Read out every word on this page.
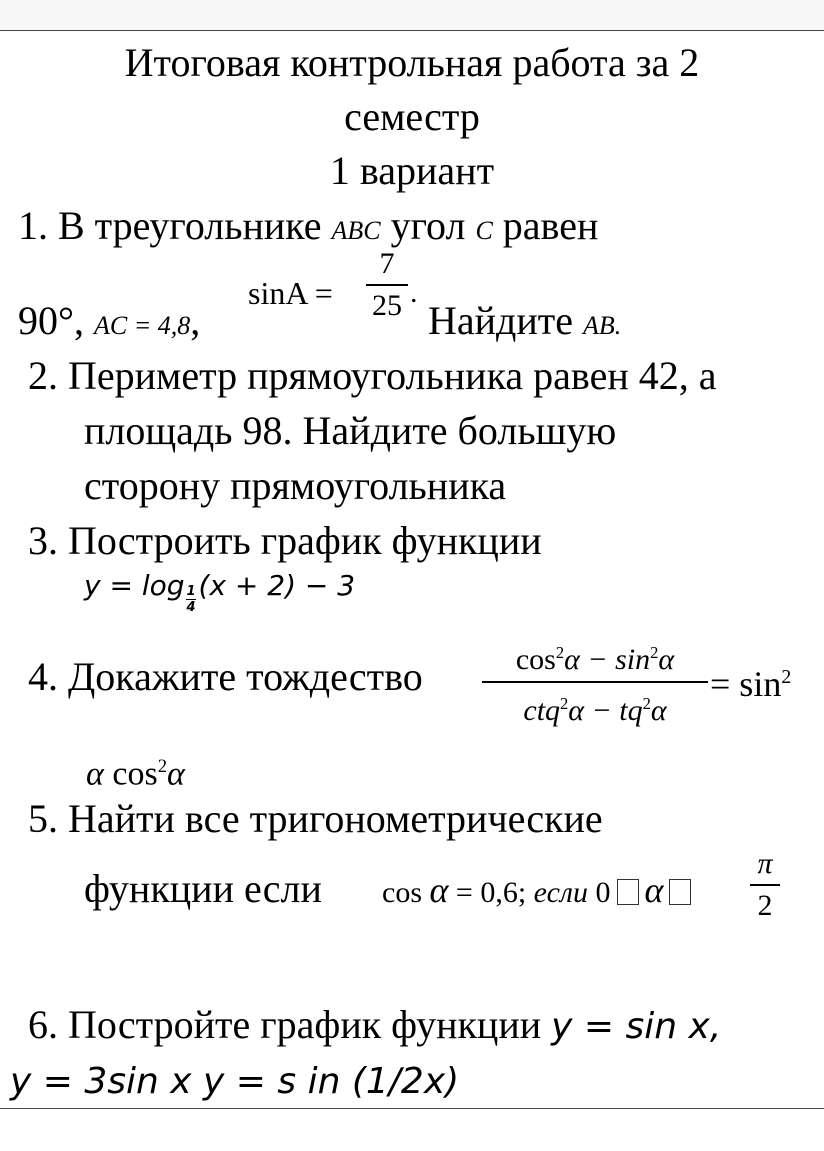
Итоговая контрольная работа за 2
семестр
1 вариант
1. В треугольнике ABC угол C равен
90°, AC = 4,8,
sinA =
7
25 .
Найдите AB.
2. Периметр прямоугольника равен 42, а
площадь 98. Найдите большую
сторону прямоугольника
3. Построить график функции
y = log
$\frac{1}{4}$
(x + 2) − 3
4. Докажите тождество	$\cos^2\alpha - \sin^2\alpha$
$ctq^2\alpha - tq^2\alpha$
= $\sin^2$
α $\cos^2\alpha$
5. Найти все тригонометрические
функции если cos α = 0,6; если 0 α
π
2
6. Постройте график функции y = sin x,
y = 3sin x y = s in (1/2x)
